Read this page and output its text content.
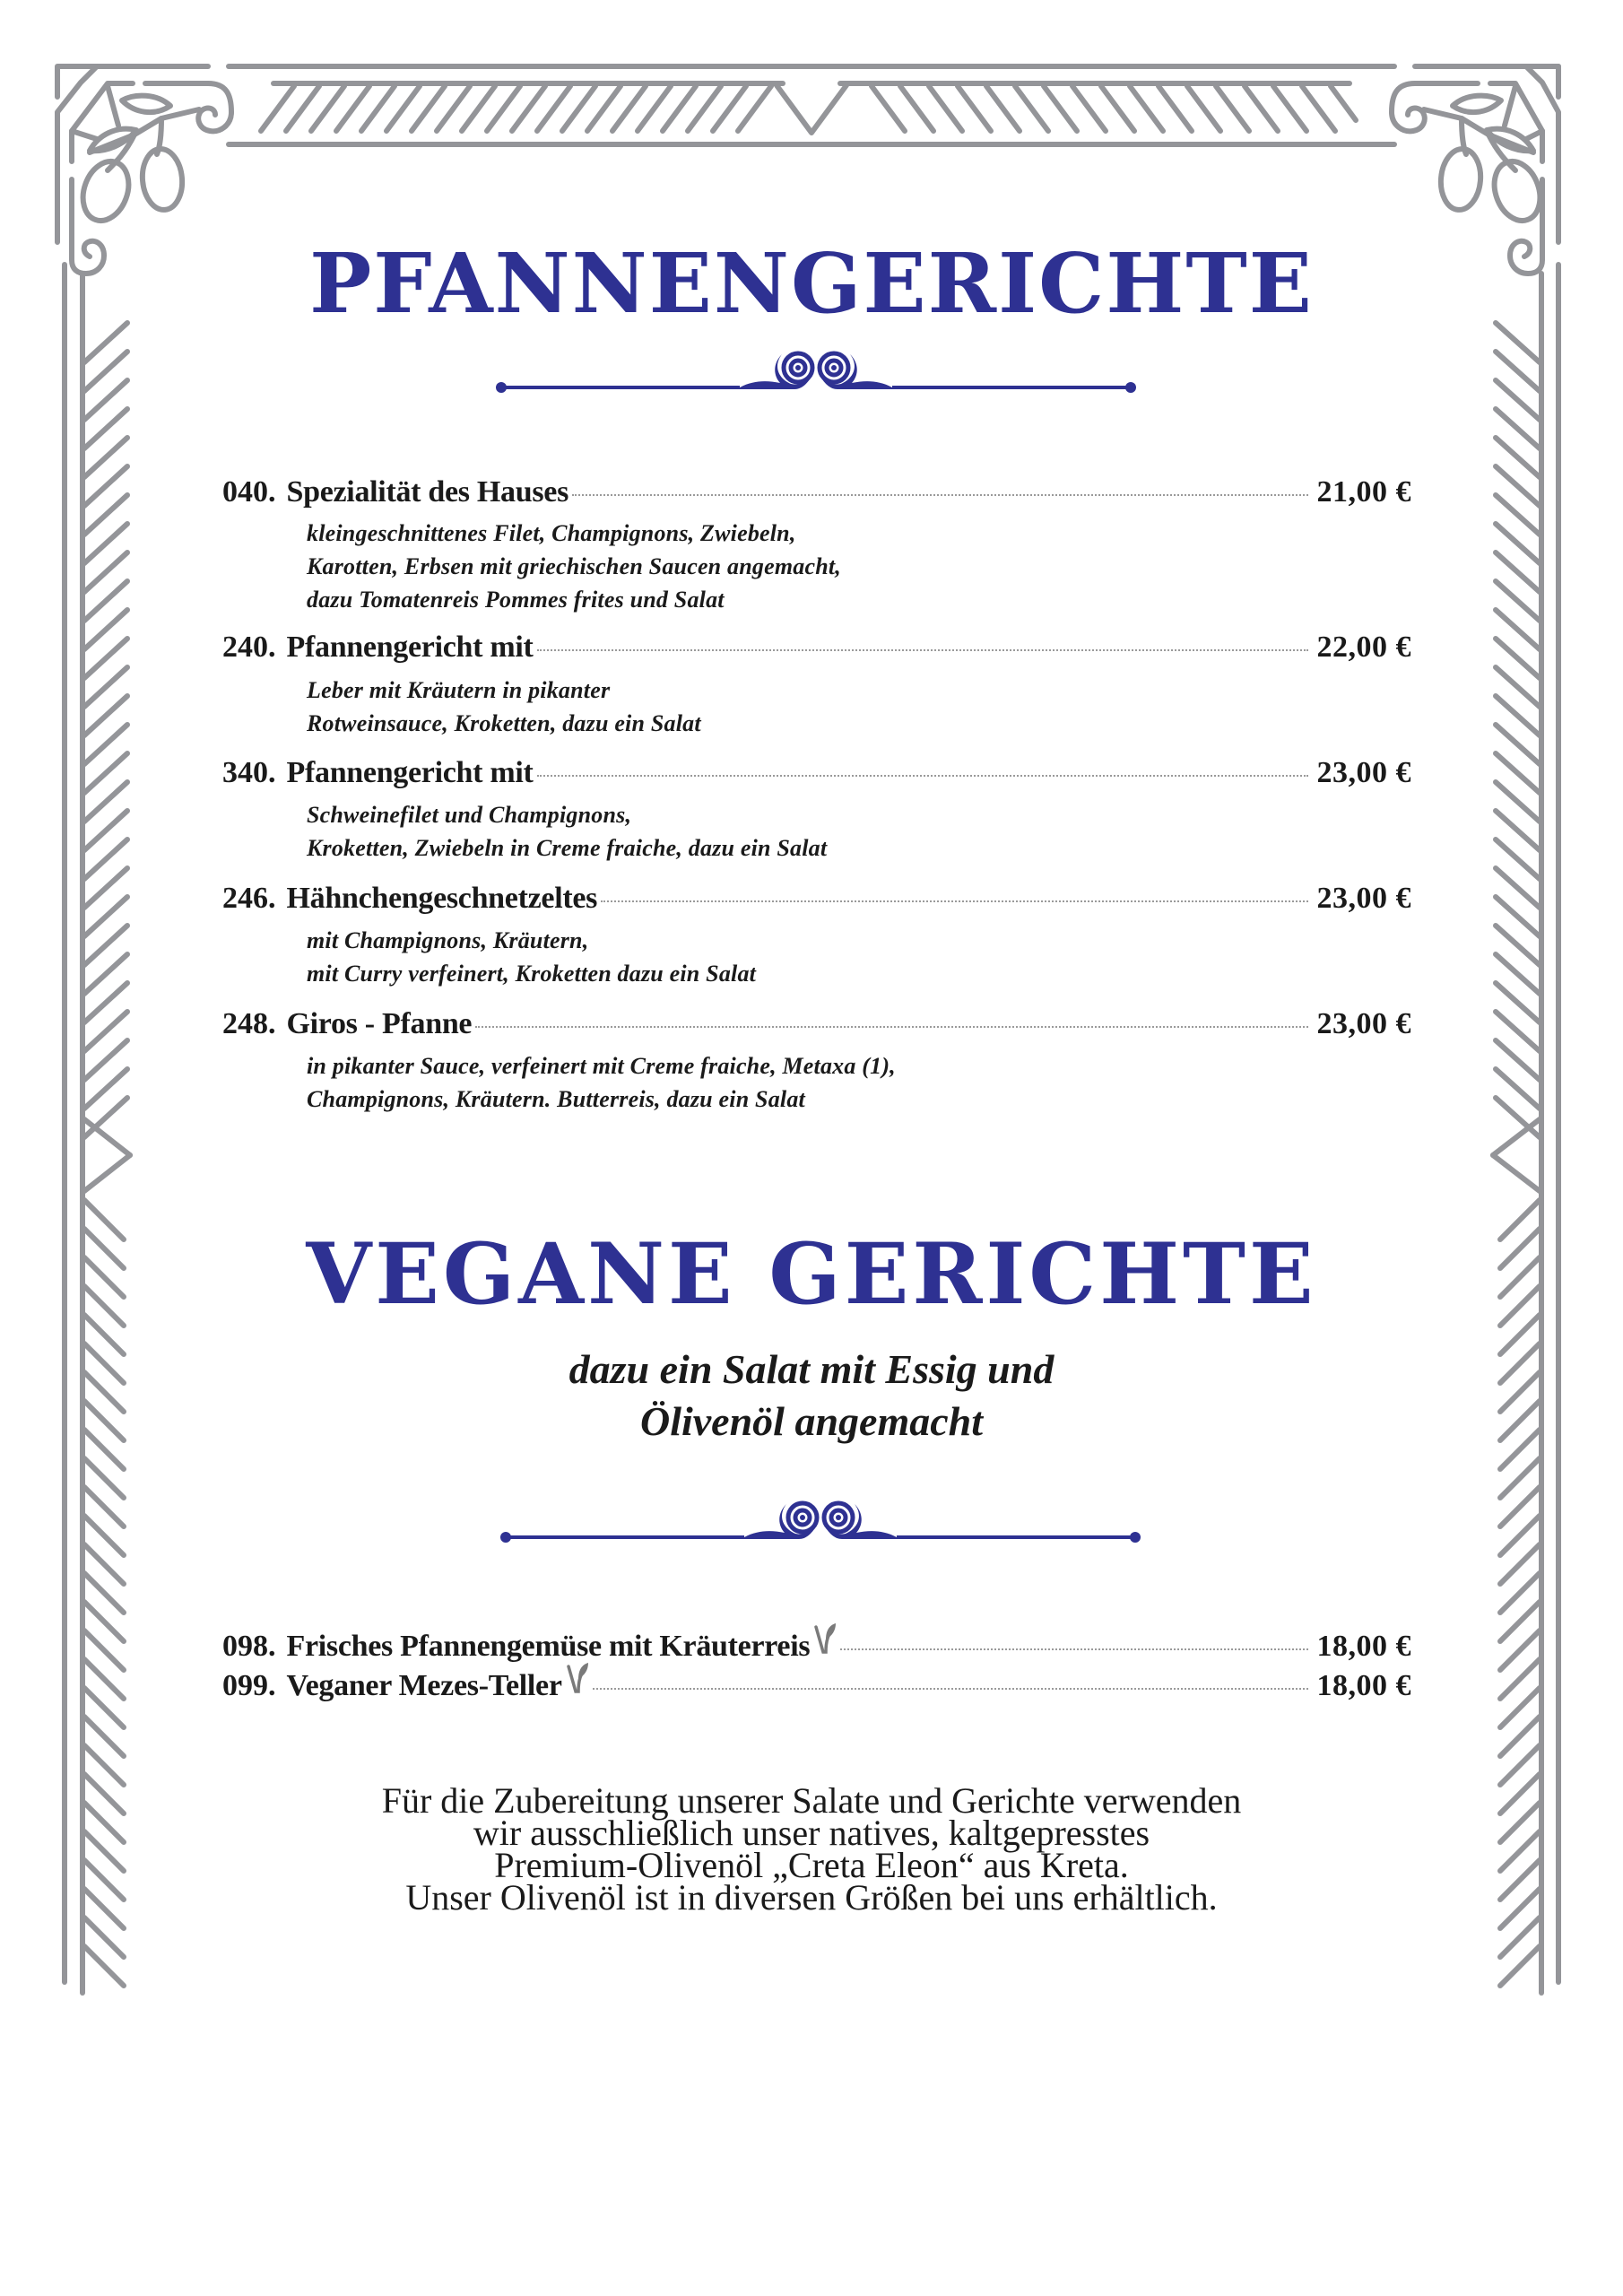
PFANNENGERICHTE
040. Spezialität des Hauses	21,00 €
kleingeschnittenes Filet, Champignons, Zwiebeln,
Karotten, Erbsen mit griechischen Saucen angemacht,
dazu Tomatenreis Pommes frites und Salat
240. Pfannengericht mit	22,00 €
Leber mit Kräutern in pikanter
Rotweinsauce, Kroketten, dazu ein Salat
340. Pfannengericht mit	23,00 €
Schweinefilet und Champignons,
Kroketten, Zwiebeln in Creme fraiche, dazu ein Salat
246. Hähnchengeschnetzeltes	23,00 €
mit Champignons, Kräutern,
mit Curry verfeinert, Kroketten dazu ein Salat
248. Giros - Pfanne	23,00 €
in pikanter Sauce, verfeinert mit Creme fraiche, Metaxa (1),
Champignons, Kräutern. Butterreis, dazu ein Salat
VEGANE GERICHTE
dazu ein Salat mit Essig und
Ölivenöl angemacht
098. Frisches Pfannengemüse mit Kräuterreis	18,00 €
099. Veganer Mezes-Teller	18,00 €
Für die Zubereitung unserer Salate und Gerichte verwenden
wir ausschließlich unser natives, kaltgepresstes
Premium-Olivenöl „Creta Eleon“ aus Kreta.
Unser Olivenöl ist in diversen Größen bei uns erhältlich.
